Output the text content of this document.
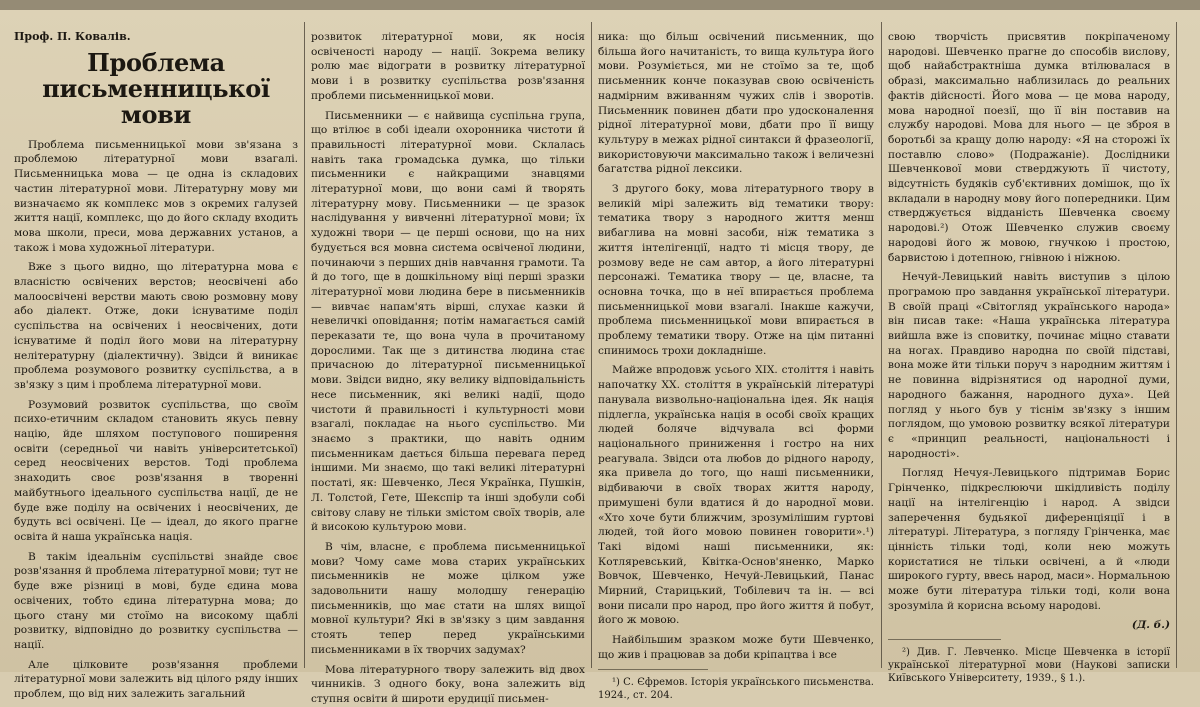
Проф. П. Ковалів.

Проблема письменницької мови

Проблема письменницької мови зв'язана з проблемою літературної мови взагалі. Письменницька мова — це одна із складових частин літературної мови. Літературну мову ми визначаємо як комплекс мов з окремих галузей життя нації, комплекс, що до його складу входить мова школи, преси, мова державних установ, а також і мова художньої літератури.

Вже з цього видно, що літературна мова є власністю освічених верстов; неосвічені або малоосвічені верстви мають свою розмовну мову або діалект. Отже, доки існуватиме поділ суспільства на освічених і неосвічених, доти існуватиме й поділ його мови на літературну нелітературну (діалектичну). Звідси й виникає проблема розумового розвитку суспільства, а в зв'язку з цим і проблема літературної мови.

Розумовий розвиток суспільства, що своїм психо-етичним складом становить якусь певну націю, йде шляхом поступового поширення освіти (середньої чи навіть університетської) серед неосвічених верстов. Тоді проблема знаходить своє розв'язання в творенні майбутнього ідеального суспільства нації, де не буде вже поділу на освічених і неосвічених, де будуть всі освічені. Це — ідеал, до якого прагне освіта й наша українська нація.

В такім ідеальнім суспільстві знайде своє розв'язання й проблема літературної мови; тут не буде вже різниці в мові, буде єдина мова освічених, тобто єдина літературна мова; до цього стану ми стоїмо на високому щаблі розвитку, відповідно до розвитку суспільства — нації.

Але цілковите розв'язання проблеми літературної мови залежить від цілого ряду інших проблем, що від них залежить загальний

розвиток літературної мови, як носія освіченості народу — нації. Зокрема велику ролю має відограти в розвитку літературної мови і в розвитку суспільства розв'язання проблеми письменницької мови.

Письменники — є найвища суспільна група, що втілює в собі ідеали охоронника чистоти й правильності літературної мови. Склалась навіть така громадська думка, що тільки письменники є найкращими знавцями літературної мови, що вони самі й творять літературну мову. Письменники — це зразок наслідування у вивченні літературної мови; їх художні твори — це перші основи, що на них будується вся мовна система освіченої людини, починаючи з перших днів навчання грамоти. Та й до того, ще в дошкільному віці перші зразки літературної мови людина бере в письменників — вивчає напам'ять вірші, слухає казки й невеличкі оповідання; потім намагається самій переказати те, що вона чула в прочитаному дорослими. Так ще з дитинства людина стає причасною до літературної письменницької мови. Звідси видно, яку велику відповідальність несе письменник, які великі надії, щодо чистоти й правильності і культурності мови взагалі, покладає на нього суспільство. Ми знаємо з практики, що навіть одним письменникам дається більша перевага перед іншими. Ми знаємо, що такі великі літературні постаті, як: Шевченко, Леся Українка, Пушкін, Л. Толстой, Гете, Шекспір та інші здобули собі світову славу не тільки змістом своїх творів, але й високою культурою мови.

В чім, власне, є проблема письменницької мови? Чому саме мова старих українських письменників не може цілком уже задовольнити нашу молодшу генерацію письменників, що має стати на шлях вищої мовної культури? Які в зв'язку з цим завдання стоять тепер перед українськими письменниками в їх творчих задумах?

Мова літературного твору залежить від двох чинників. З одного боку, вона залежить від ступня освіти й широти ерудиції письмен-

ника: що більш освічений письменник, що більша його начитаність, то вища культура його мови. Розуміється, ми не стоїмо за те, щоб письменник конче показував свою освіченість надмірним вживанням чужих слів і зворотів. Письменник повинен дбати про удосконалення рідної літературної мови, дбати про її вищу культуру в межах рідної синтакси й фразеології, використовуючи максимально також і величезні багатства рідної лексики.

З другого боку, мова літературного твору в великій мірі залежить від тематики твору: тематика твору з народного життя менш вибаглива на мовні засоби, ніж тематика з життя інтелігенції, надто ті місця твору, де розмову веде не сам автор, а його літературні персонажі. Тематика твору — це, власне, та основна точка, що в неї впирається проблема письменницької мови взагалі. Інакше кажучи, проблема письменницької мови впирається в проблему тематики твору. Отже на цім питанні спинимось трохи докладніше.

Майже впродовж усього XIX. століття і навіть напочатку XX. століття в українській літературі панувала визвольно-національна ідея. Як нація підлегла, українська нація в особі своїх кращих людей боляче відчувала всі форми національного приниження і гостро на них реагувала. Звідси ота любов до рідного народу, яка привела до того, що наші письменники, відбиваючи в своїх творах життя народу, примушені були вдатися й до народної мови. «Хто хоче бути ближчим, зрозумілішим гуртові людей, той його мовою повинен говорити».¹) Такі відомі наші письменники, як: Котляревський, Квітка-Основ'яненко, Марко Вовчок, Шевченко, Нечуй-Левицький, Панас Мирний, Старицький, Тобілевич та ін. — всі вони писали про народ, про його життя й побут, його ж мовою.

Найбільшим зразком може бути Шевченко, що жив і працював за доби кріпацтва і все

¹) С. Єфремов. Історія українського письменства. 1924., ст. 204.

свою творчість присвятив покріпаченому народові. Шевченко прагне до способів вислову, щоб найабстрактніша думка втілювалася в образі, максимально наблизилась до реальних фактів дійсності. Його мова — це мова народу, мова народної поезії, що її він поставив на службу народові. Мова для нього — це зброя в боротьбі за кращу долю народу: «Я на сторожі їх поставлю слово» (Подражаніе). Дослідники Шевченкової мови стверджують її чистоту, відсутність будяків суб'єктивних домішок, що їх вкладали в народну мову його попередники. Цим стверджується відданість Шевченка своєму народові.²) Отож Шевченко служив своєму народові його ж мовою, гнучкою і простою, барвистою і дотепною, гнівною і ніжною.

Нечуй-Левицький навіть виступив з цілою програмою про завдання української літератури. В своїй праці «Світогляд українського народа» він писав таке: «Наша українська література вийшла вже із сповитку, починає міцно ставати на ногах. Правдиво народна по своїй підставі, вона може йти тільки поруч з народним життям і не повинна відрізнятися од народної думи, народного бажання, народного духа». Цей погляд у нього був у тіснім зв'язку з іншим поглядом, що умовою розвитку всякої літератури є «принцип реальності, національності і народності».

Погляд Нечуя-Левицького підтримав Борис Грінченко, підкреслюючи шкідливість поділу нації на інтелігенцію і народ. А звідси заперечення будьякої диференціяції і в літературі. Література, з погляду Грінченка, має цінність тільки тоді, коли нею можуть користатися не тільки освічені, а й «люди широкого гурту, ввесь народ, маси». Нормальною може бути література тільки тоді, коли вона зрозуміла й корисна всьому народові.

(Д. б.)

²) Див. Г. Левченко. Місце Шевченка в історії української літературної мови (Наукові записки Київського Університету, 1939., § 1.).
